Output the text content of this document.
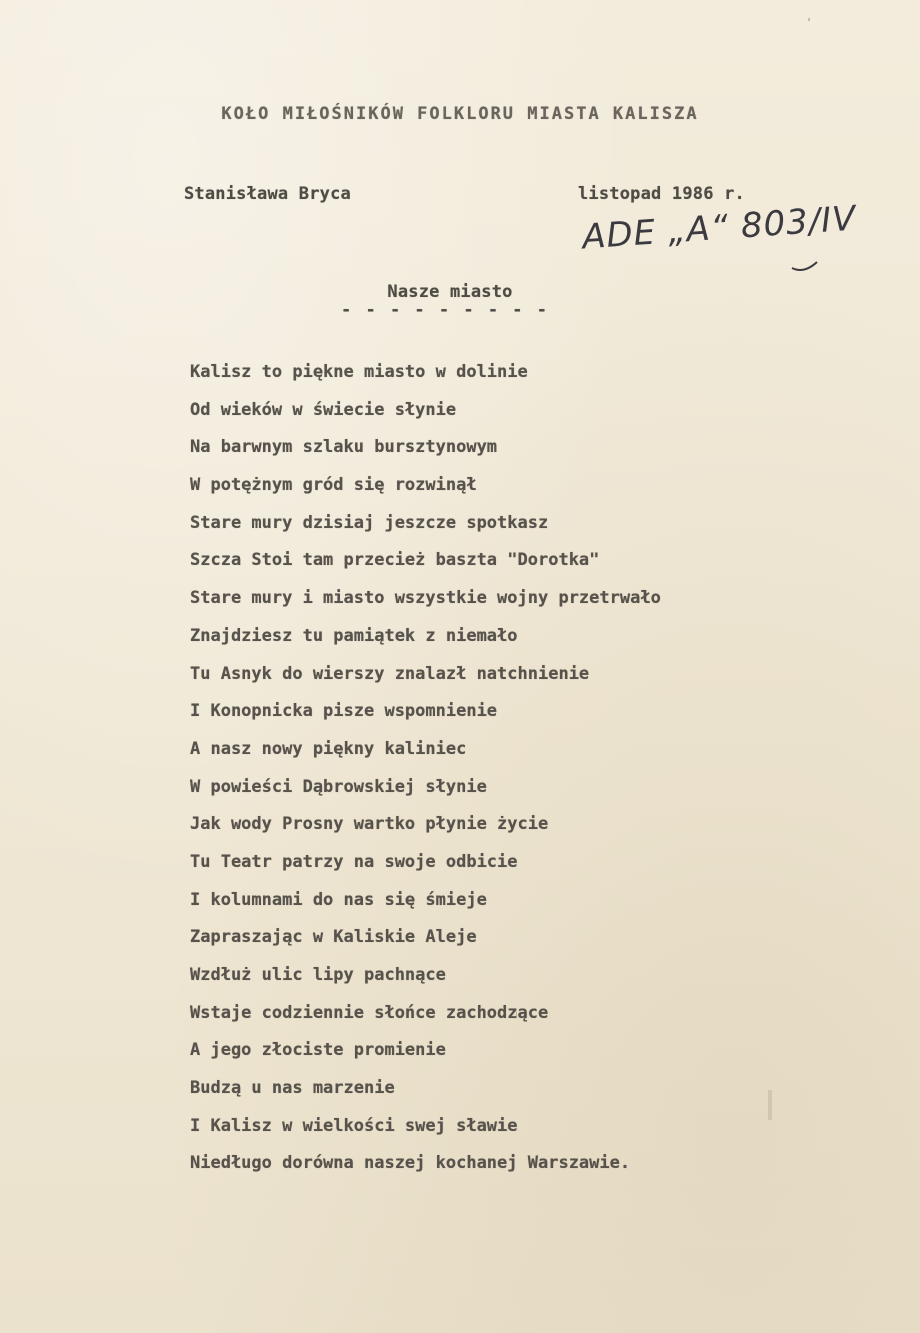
KOŁO MIŁOŚNIKÓW FOLKLORU MIASTA KALISZA
Stanisława Bryca	listopad 1986 r.
ADE „A“ 803/IV
Nasze miasto
- - - - - - - - -
Kalisz to piękne miasto w dolinie
Od wieków w świecie słynie
Na barwnym szlaku bursztynowym
W potężnym gród się rozwinął
Stare mury dzisiaj jeszcze spotkasz
Szcza Stoi tam przecież baszta "Dorotka"
Stare mury i miasto wszystkie wojny przetrwało
Znajdziesz tu pamiątek z niemało
Tu Asnyk do wierszy znalazł natchnienie
I Konopnicka pisze wspomnienie
A nasz nowy piękny kaliniec
W powieści Dąbrowskiej słynie
Jak wody Prosny wartko płynie życie
Tu Teatr patrzy na swoje odbicie
I kolumnami do nas się śmieje
Zapraszając w Kaliskie Aleje
Wzdłuż ulic lipy pachnące
Wstaje codziennie słońce zachodzące
A jego złociste promienie
Budzą u nas marzenie
I Kalisz w wielkości swej sławie
Niedługo dorówna naszej kochanej Warszawie.
